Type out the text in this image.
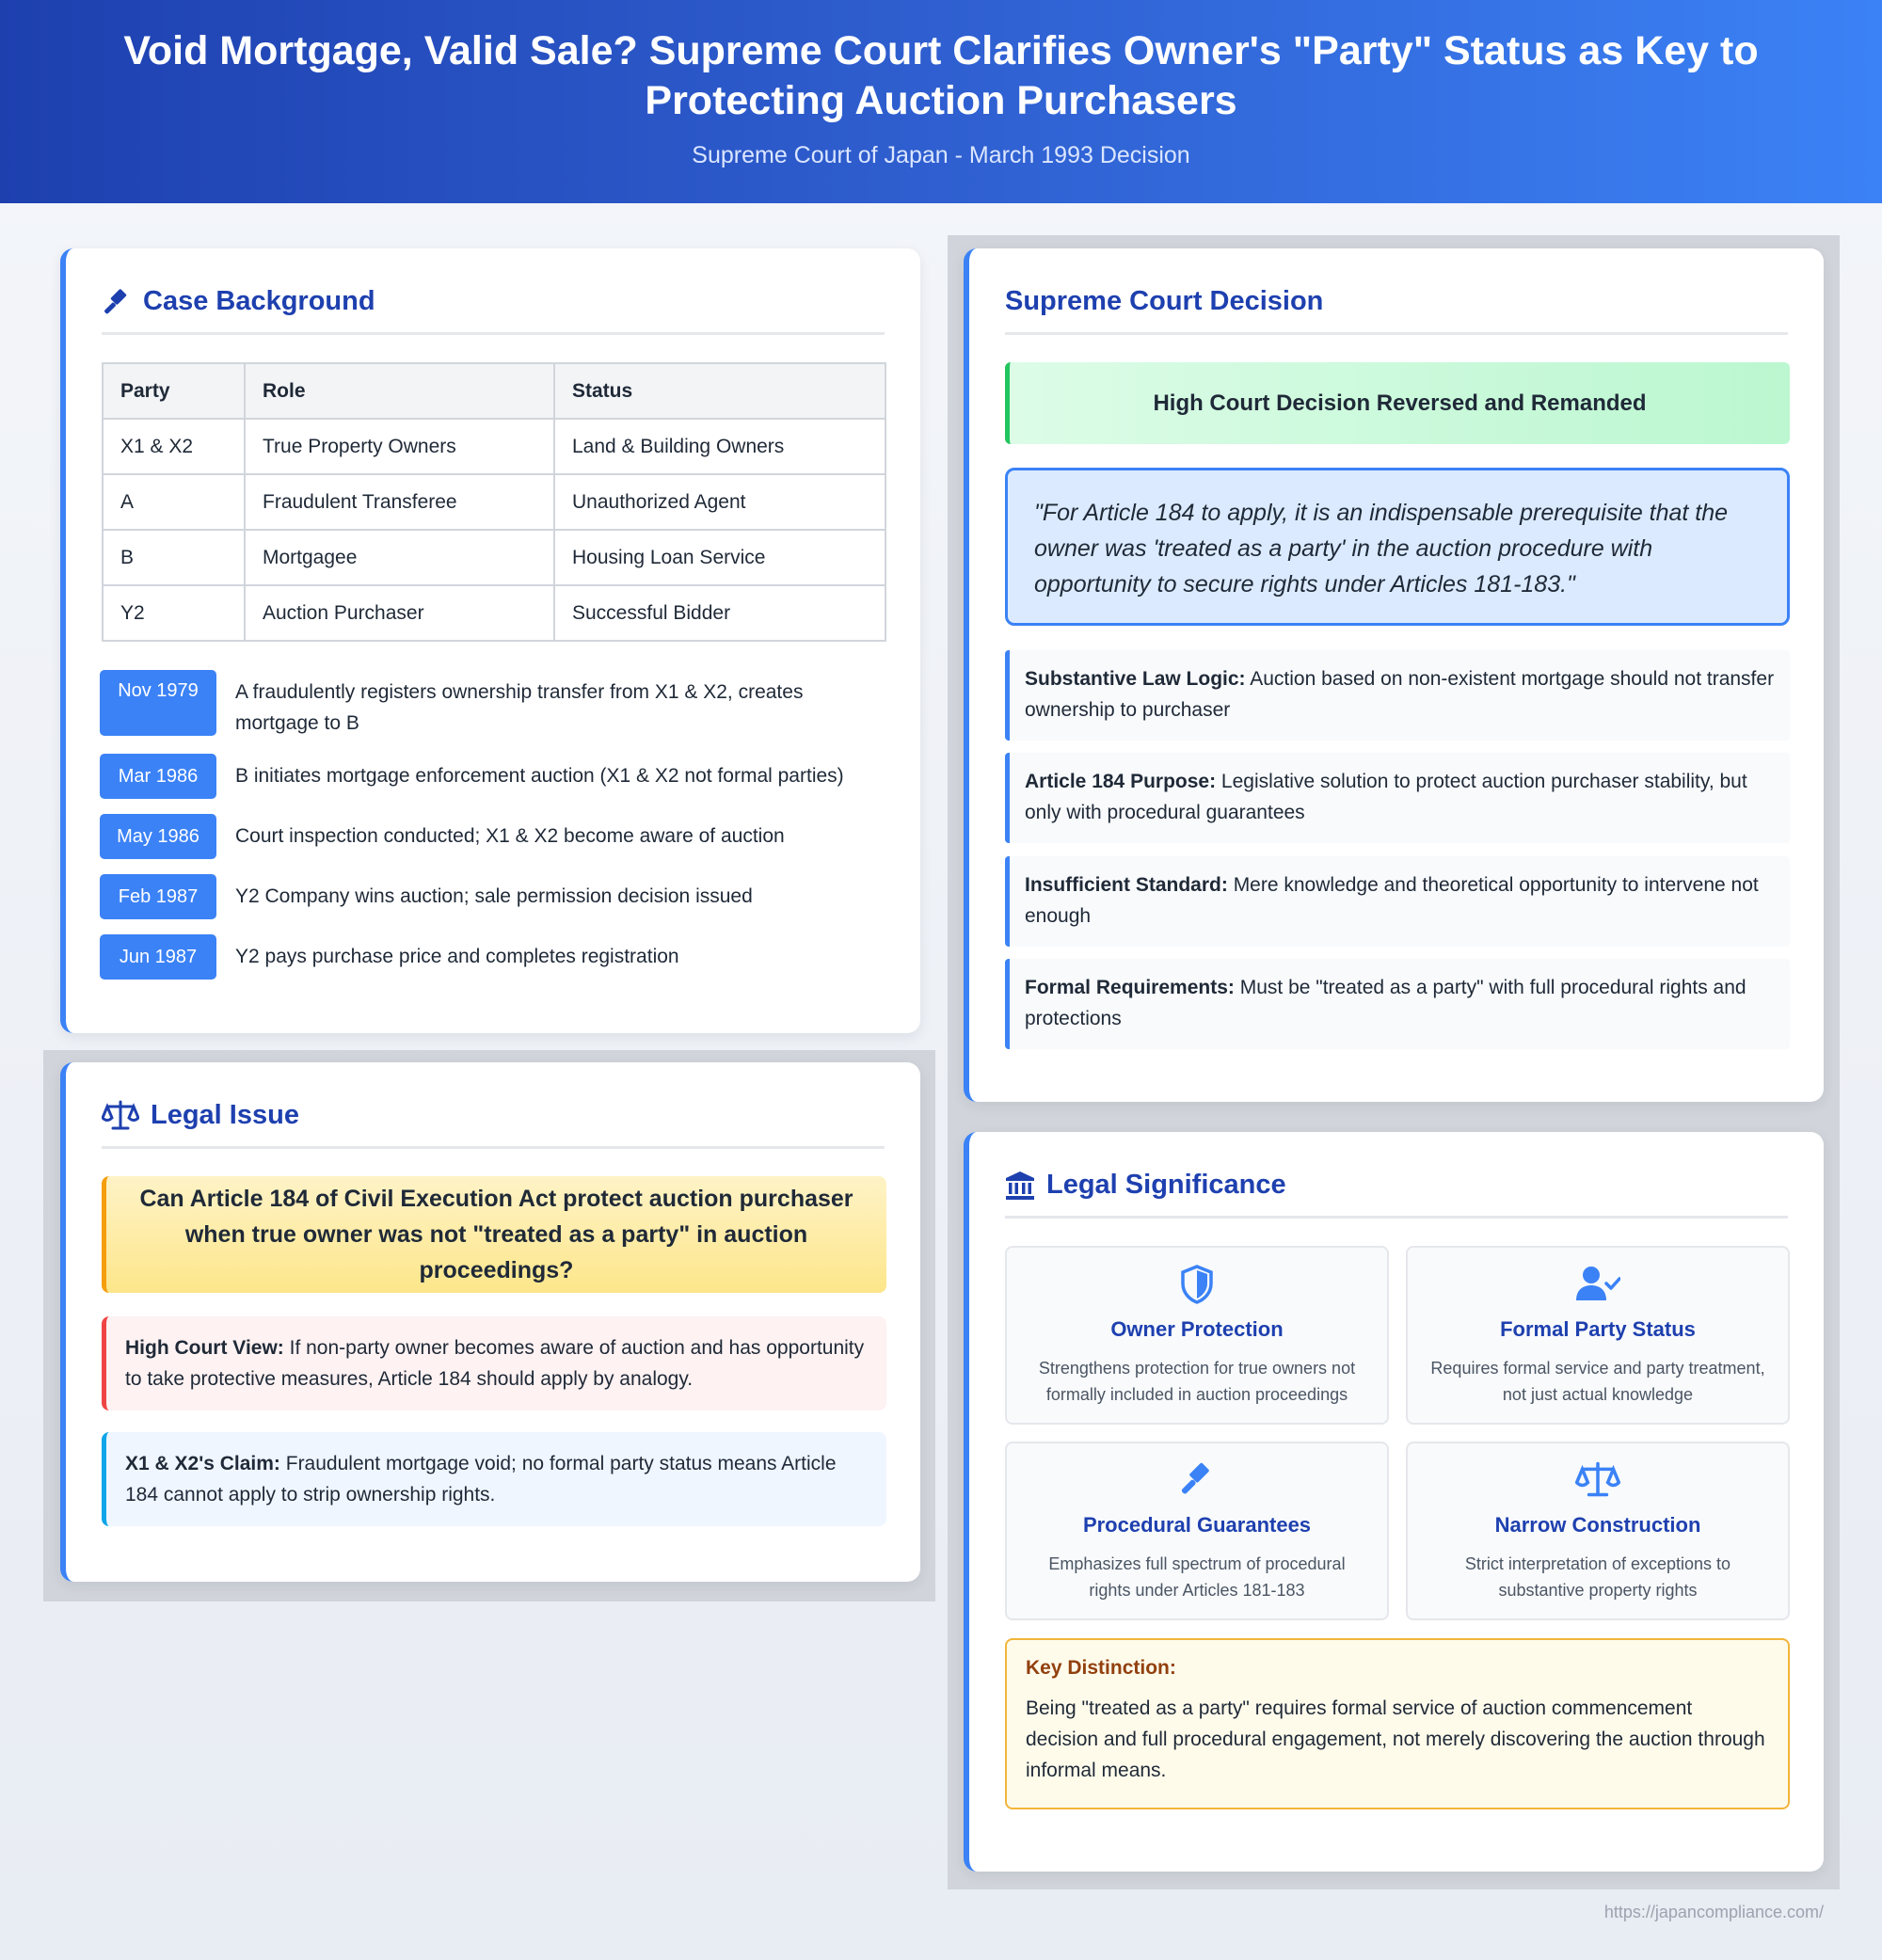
Void Mortgage, Valid Sale? Supreme Court Clarifies Owner's "Party" Status as Key to Protecting Auction Purchasers
Supreme Court of Japan - March 1993 Decision
Case Background
Party	Role	Status
X1 & X2	True Property Owners	Land & Building Owners
A	Fraudulent Transferee	Unauthorized Agent
B	Mortgagee	Housing Loan Service
Y2	Auction Purchaser	Successful Bidder
Nov 1979	A fraudulently registers ownership transfer from X1 & X2, creates mortgage to B
Mar 1986	B initiates mortgage enforcement auction (X1 & X2 not formal parties)
May 1986	Court inspection conducted; X1 & X2 become aware of auction
Feb 1987	Y2 Company wins auction; sale permission decision issued
Jun 1987	Y2 pays purchase price and completes registration
Legal Issue
Can Article 184 of Civil Execution Act protect auction purchaser when true owner was not "treated as a party" in auction proceedings?
High Court View: If non-party owner becomes aware of auction and has opportunity to take protective measures, Article 184 should apply by analogy.
X1 & X2's Claim: Fraudulent mortgage void; no formal party status means Article 184 cannot apply to strip ownership rights.
Supreme Court Decision
High Court Decision Reversed and Remanded
"For Article 184 to apply, it is an indispensable prerequisite that the owner was 'treated as a party' in the auction procedure with opportunity to secure rights under Articles 181-183."
Substantive Law Logic: Auction based on non-existent mortgage should not transfer ownership to purchaser
Article 184 Purpose: Legislative solution to protect auction purchaser stability, but only with procedural guarantees
Insufficient Standard: Mere knowledge and theoretical opportunity to intervene not enough
Formal Requirements: Must be "treated as a party" with full procedural rights and protections
Legal Significance
Owner Protection
Strengthens protection for true owners not formally included in auction proceedings
Formal Party Status
Requires formal service and party treatment, not just actual knowledge
Procedural Guarantees
Emphasizes full spectrum of procedural rights under Articles 181-183
Narrow Construction
Strict interpretation of exceptions to substantive property rights
Key Distinction:
Being "treated as a party" requires formal service of auction commencement decision and full procedural engagement, not merely discovering the auction through informal means.
https://japancompliance.com/
